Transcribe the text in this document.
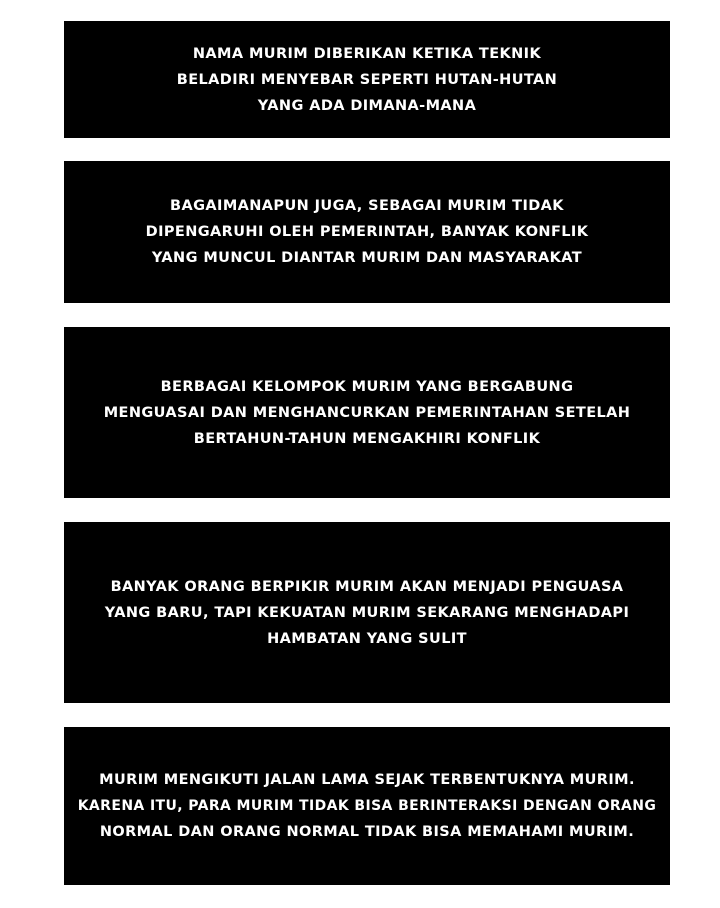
NAMA MURIM DIBERIKAN KETIKA TEKNIK
BELADIRI MENYEBAR SEPERTI HUTAN-HUTAN
YANG ADA DIMANA-MANA
BAGAIMANAPUN JUGA, SEBAGAI MURIM TIDAK
DIPENGARUHI OLEH PEMERINTAH, BANYAK KONFLIK
YANG MUNCUL DIANTAR MURIM DAN MASYARAKAT
BERBAGAI KELOMPOK MURIM YANG BERGABUNG
MENGUASAI DAN MENGHANCURKAN PEMERINTAHAN SETELAH
BERTAHUN-TAHUN MENGAKHIRI KONFLIK
BANYAK ORANG BERPIKIR MURIM AKAN MENJADI PENGUASA
YANG BARU, TAPI KEKUATAN MURIM SEKARANG MENGHADAPI
HAMBATAN YANG SULIT
MURIM MENGIKUTI JALAN LAMA SEJAK TERBENTUKNYA MURIM.
KARENA ITU, PARA MURIM TIDAK BISA BERINTERAKSI DENGAN ORANG
NORMAL DAN ORANG NORMAL TIDAK BISA MEMAHAMI MURIM.
